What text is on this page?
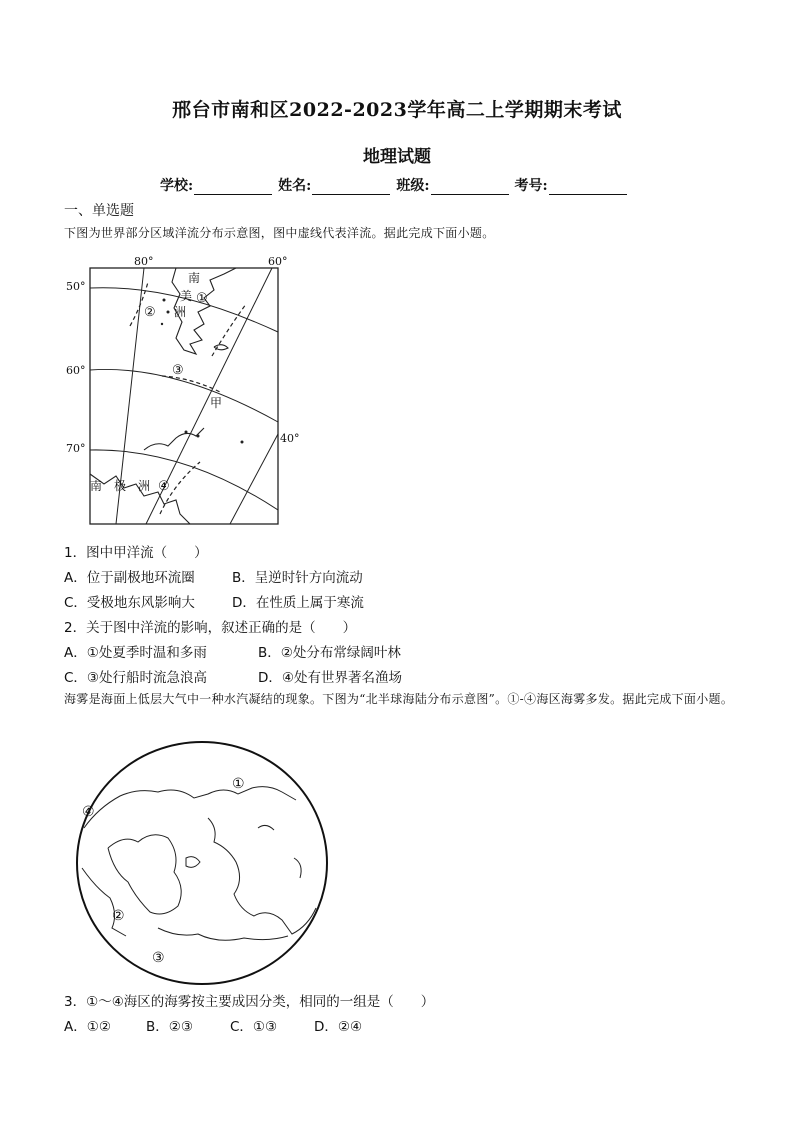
邢台市南和区2022-2023学年高二上学期期末考试
地理试题
学校:	姓名:	班级:	考号:
一、单选题
下图为世界部分区域洋流分布示意图，图中虚线代表洋流。据此完成下面小题。
80°	60°
40°
50°
60°
70°
南
美
洲
①
②
③
甲
南 极 洲 ④
1．图中甲洋流（　　）
A．位于副极地环流圈	B．呈逆时针方向流动
C．受极地东风影响大	D．在性质上属于寒流
2．关于图中洋流的影响，叙述正确的是（　　）
A．①处夏季时温和多雨	B．②处分布常绿阔叶林
C．③处行船时流急浪高	D．④处有世界著名渔场
海雾是海面上低层大气中一种水汽凝结的现象。下图为“北半球海陆分布示意图”。①-④海区海雾多发。据此完成下面小题。
①
②
③
④
3．①～④海区的海雾按主要成因分类，相同的一组是（　　）
A．①②	B．②③	C．①③	D．②④
